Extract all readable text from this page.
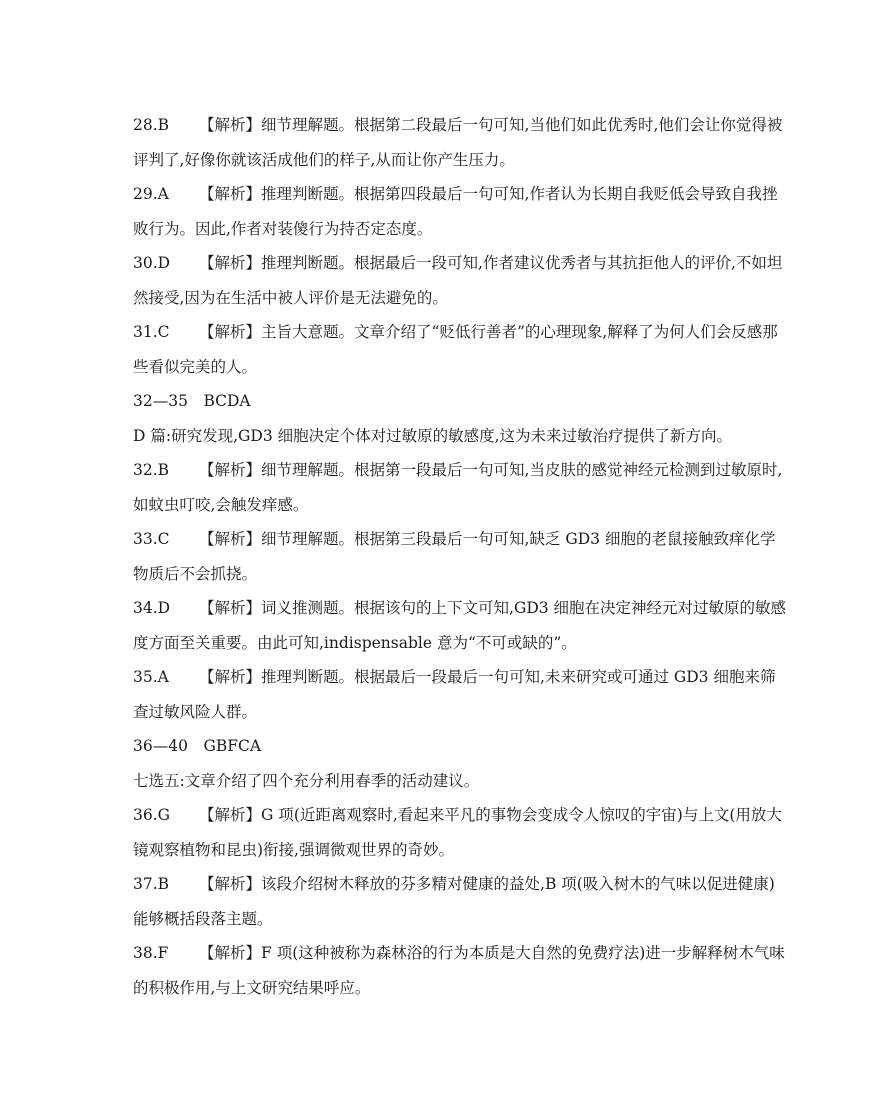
28.B 【解析】细节理解题。根据第二段最后一句可知,当他们如此优秀时,他们会让你觉得被
评判了,好像你就该活成他们的样子,从而让你产生压力。
29.A 【解析】推理判断题。根据第四段最后一句可知,作者认为长期自我贬低会导致自我挫
败行为。因此,作者对装傻行为持否定态度。
30.D 【解析】推理判断题。根据最后一段可知,作者建议优秀者与其抗拒他人的评价,不如坦
然接受,因为在生活中被人评价是无法避免的。
31.C 【解析】主旨大意题。文章介绍了“贬低行善者”的心理现象,解释了为何人们会反感那
些看似完美的人。
32—35　BCDA
D 篇:研究发现,GD3 细胞决定个体对过敏原的敏感度,这为未来过敏治疗提供了新方向。
32.B 【解析】细节理解题。根据第一段最后一句可知,当皮肤的感觉神经元检测到过敏原时,
如蚊虫叮咬,会触发痒感。
33.C 【解析】细节理解题。根据第三段最后一句可知,缺乏 GD3 细胞的老鼠接触致痒化学
物质后不会抓挠。
34.D 【解析】词义推测题。根据该句的上下文可知,GD3 细胞在决定神经元对过敏原的敏感
度方面至关重要。由此可知,indispensable 意为“不可或缺的”。
35.A 【解析】推理判断题。根据最后一段最后一句可知,未来研究或可通过 GD3 细胞来筛
查过敏风险人群。
36—40　GBFCA
七选五:文章介绍了四个充分利用春季的活动建议。
36.G 【解析】G 项(近距离观察时,看起来平凡的事物会变成令人惊叹的宇宙)与上文(用放大
镜观察植物和昆虫)衔接,强调微观世界的奇妙。
37.B 【解析】该段介绍树木释放的芬多精对健康的益处,B 项(吸入树木的气味以促进健康)
能够概括段落主题。
38.F 【解析】F 项(这种被称为森林浴的行为本质是大自然的免费疗法)进一步解释树木气味
的积极作用,与上文研究结果呼应。
